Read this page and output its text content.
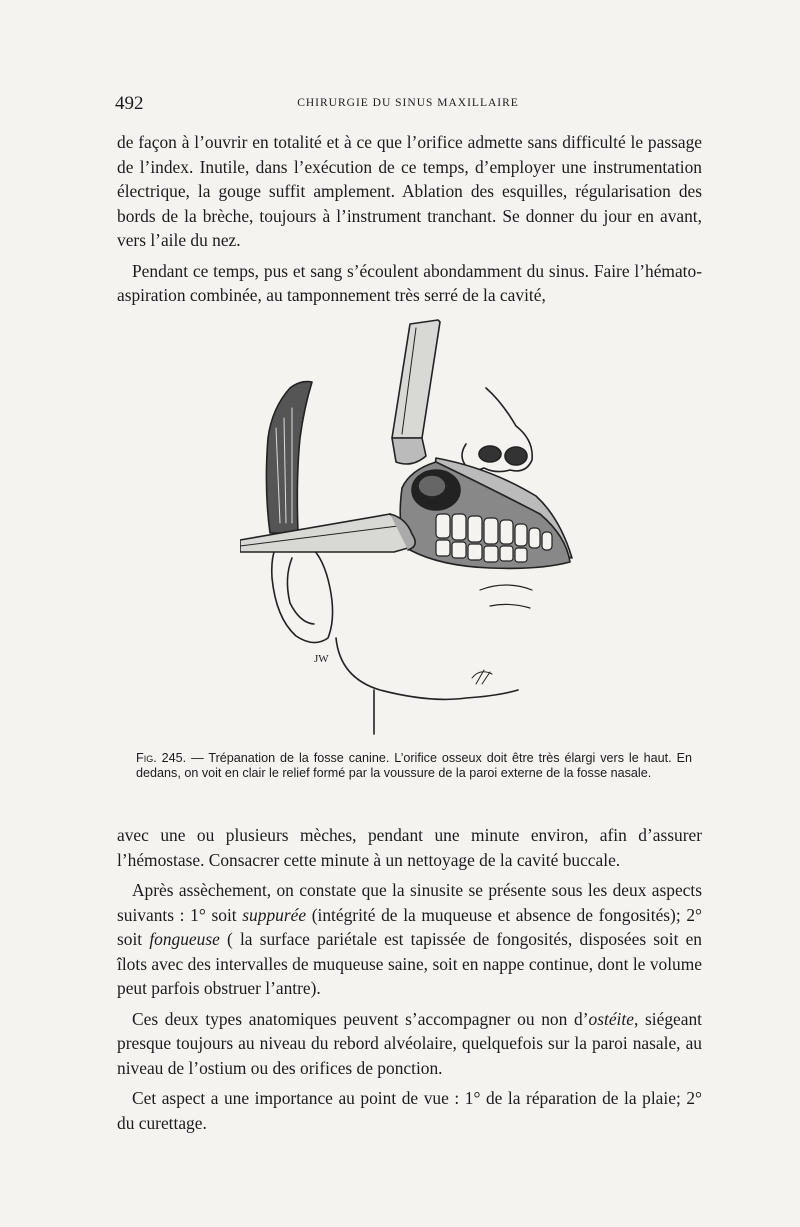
492	CHIRURGIE DU SINUS MAXILLAIRE

de façon à l’ouvrir en totalité et à ce que l’orifice admette sans difficulté le passage de l’index. Inutile, dans l’exécution de ce temps, d’employer une instrumentation électrique, la gouge suffit amplement. Ablation des esquilles, régularisation des bords de la brèche, toujours à l’instrument tranchant. Se donner du jour en avant, vers l’aile du nez.

Pendant ce temps, pus et sang s’écoulent abondamment du sinus. Faire l’hémato-aspiration combinée, au tamponnement très serré de la cavité,

JW
Fig. 245. — Trépanation de la fosse canine. L’orifice osseux doit être très élargi vers le haut. En dedans, on voit en clair le relief formé par la voussure de la paroi externe de la fosse nasale.

avec une ou plusieurs mèches, pendant une minute environ, afin d’assurer l’hémostase. Consacrer cette minute à un nettoyage de la cavité buccale.

Après assèchement, on constate que la sinusite se présente sous les deux aspects suivants : 1° soit suppurée (intégrité de la muqueuse et absence de fongosités); 2° soit fongueuse ( la surface pariétale est tapissée de fongosités, disposées soit en îlots avec des intervalles de muqueuse saine, soit en nappe continue, dont le volume peut parfois obstruer l’antre).

Ces deux types anatomiques peuvent s’accompagner ou non d’ostéite, siégeant presque toujours au niveau du rebord alvéolaire, quelquefois sur la paroi nasale, au niveau de l’ostium ou des orifices de ponction.

Cet aspect a une importance au point de vue : 1° de la réparation de la plaie; 2° du curettage.
